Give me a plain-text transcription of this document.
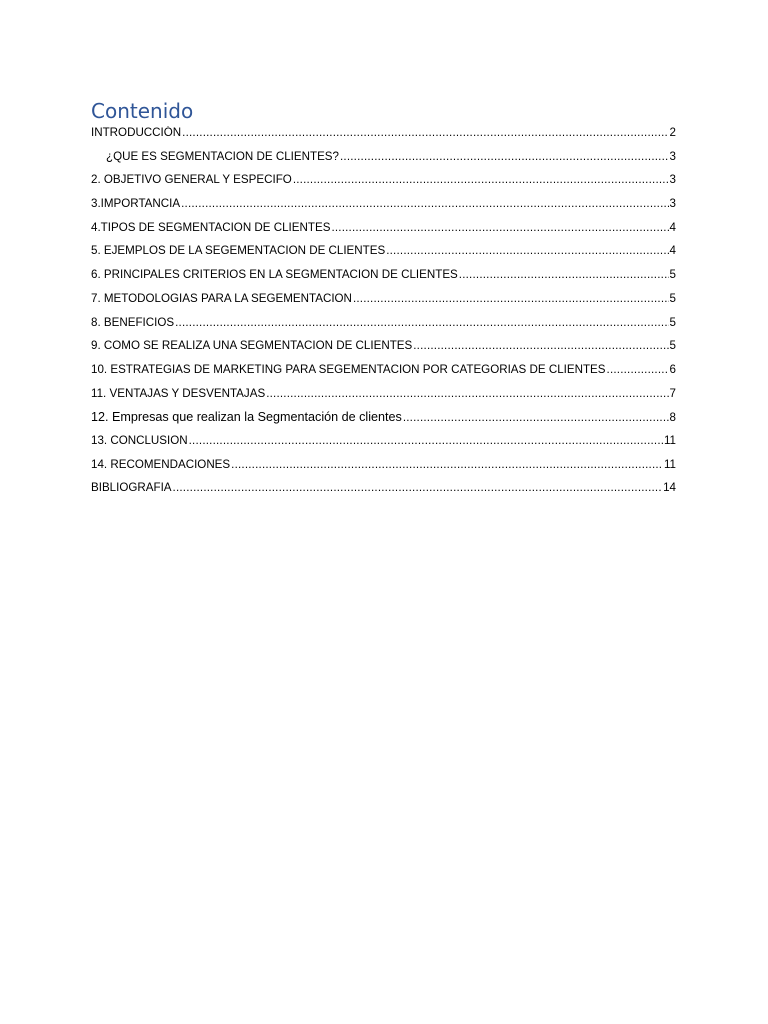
Contenido
INTRODUCCIÓN .....	2
¿QUE ES SEGMENTACION DE CLIENTES? .....	3
2. OBJETIVO GENERAL Y ESPECIFO .....	3
3.IMPORTANCIA .....	3
4.TIPOS DE SEGMENTACION DE CLIENTES .....	4
5. EJEMPLOS DE LA SEGEMENTACION DE CLIENTES .....	4
6. PRINCIPALES CRITERIOS EN LA SEGMENTACION DE CLIENTES .....	5
7. METODOLOGIAS PARA LA SEGEMENTACION .....	5
8. BENEFICIOS .....	5
9. COMO SE REALIZA UNA SEGMENTACION DE CLIENTES .....	5
10. ESTRATEGIAS DE MARKETING PARA SEGEMENTACION POR CATEGORIAS DE CLIENTES .....	6
11. VENTAJAS Y DESVENTAJAS .....	7
12. Empresas que realizan la Segmentación de clientes .....	8
13. CONCLUSION .....	11
14. RECOMENDACIONES .....	11
BIBLIOGRAFIA .....	14
